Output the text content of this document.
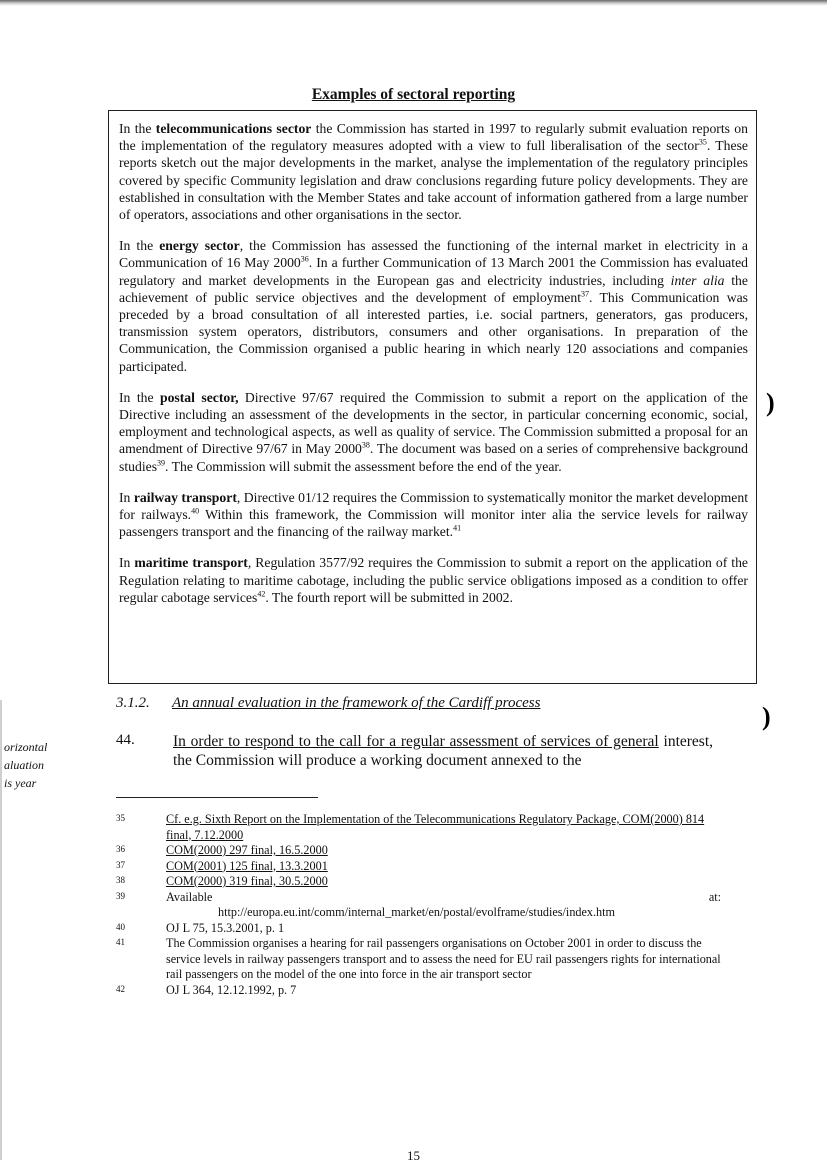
)
)
Examples of sectoral reporting

In the telecommunications sector the Commission has started in 1997 to regularly submit evaluation reports on the implementation of the regulatory measures adopted with a view to full liberalisation of the sector$^{35}$. These reports sketch out the major developments in the market, analyse the implementation of the regulatory principles covered by specific Community legislation and draw conclusions regarding future policy developments. They are established in consultation with the Member States and take account of information gathered from a large number of operators, associations and other organisations in the sector.

In the energy sector, the Commission has assessed the functioning of the internal market in electricity in a Communication of 16 May 2000$^{36}$. In a further Communication of 13 March 2001 the Commission has evaluated regulatory and market developments in the European gas and electricity industries, including inter alia the achievement of public service objectives and the development of employment$^{37}$. This Communication was preceded by a broad consultation of all interested parties, i.e. social partners, generators, gas producers, transmission system operators, distributors, consumers and other organisations. In preparation of the Communication, the Commission organised a public hearing in which nearly 120 associations and companies participated.

In the postal sector, Directive 97/67 required the Commission to submit a report on the application of the Directive including an assessment of the developments in the sector, in particular concerning economic, social, employment and technological aspects, as well as quality of service. The Commission submitted a proposal for an amendment of Directive 97/67 in May 2000$^{38}$. The document was based on a series of comprehensive background studies$^{39}$. The Commission will submit the assessment before the end of the year.

In railway transport, Directive 01/12 requires the Commission to systematically monitor the market development for railways.$^{40}$ Within this framework, the Commission will monitor inter alia the service levels for railway passengers transport and the financing of the railway market.$^{41}$

In maritime transport, Regulation 3577/92 requires the Commission to submit a report on the application of the Regulation relating to maritime cabotage, including the public service obligations imposed as a condition to offer regular cabotage services$^{42}$. The fourth report will be submitted in 2002.

3.1.2. An annual evaluation in the framework of the Cardiff process
orizontal
aluation
is year
44. In order to respond to the call for a regular assessment of services of general interest, the Commission will produce a working document annexed to the
35	Cf. e.g. Sixth Report on the Implementation of the Telecommunications Regulatory Package, COM(2000) 814 final, 7.12.2000
36	COM(2000) 297 final, 16.5.2000
37	COM(2001) 125 final, 13.3.2001
38	COM(2000) 319 final, 30.5.2000
39	Available	at:
http://europa.eu.int/comm/internal_market/en/postal/evolframe/studies/index.htm
40	OJ L 75, 15.3.2001, p. 1
41	The Commission organises a hearing for rail passengers organisations on October 2001 in order to discuss the service levels in railway passengers transport and to assess the need for EU rail passengers rights for international rail passengers on the model of the one into force in the air transport sector
42	OJ L 364, 12.12.1992, p. 7
15
